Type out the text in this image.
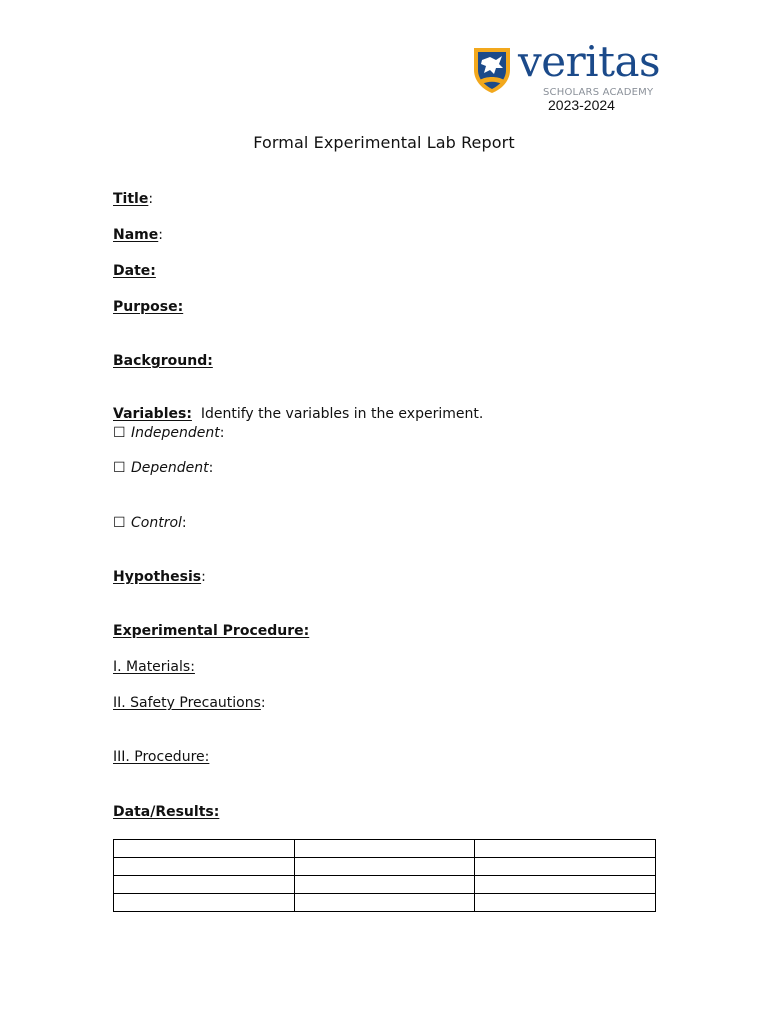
veritas
SCHOLARS ACADEMY
2023-2024
Formal Experimental Lab Report
Title:
Name:
Date:
Purpose:
Background:
Variables: Identify the variables in the experiment.
☐ Independent:
☐ Dependent:
☐ Control:
Hypothesis:
Experimental Procedure:
I. Materials:
II. Safety Precautions:
III. Procedure:
Data/Results:
